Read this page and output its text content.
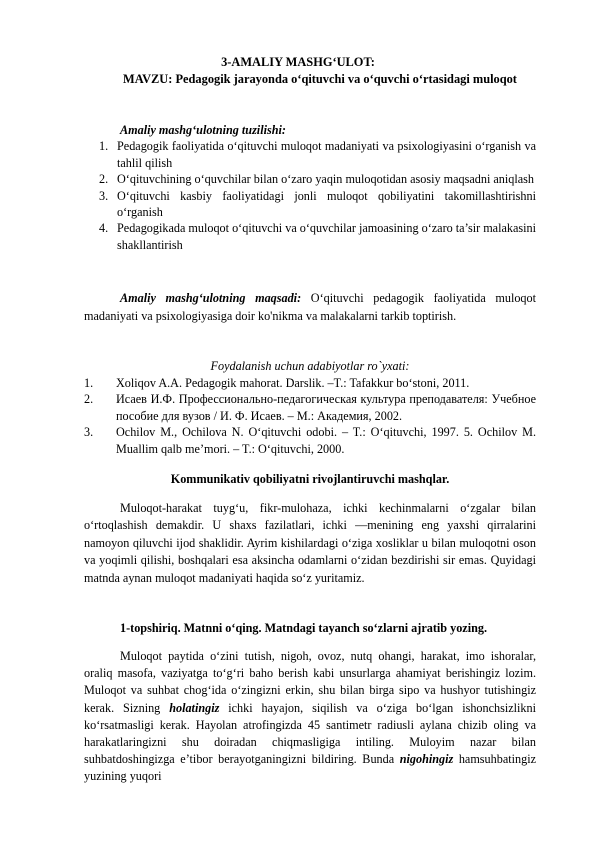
3-AMALIY MASHG‘ULOT:
MAVZU: Pedagogik jarayonda o‘qituvchi va o‘quvchi o‘rtasidagi muloqot

Amaliy mashg‘ulotning tuzilishi:

1. Pedagogik faoliyatida o‘qituvchi muloqot madaniyati va psixologiyasini o‘rganish va tahlil qilish
2. O‘qituvchining o‘quvchilar bilan o‘zaro yaqin muloqotidan asosiy maqsadni aniqlash
3. O‘qituvchi kasbiy faoliyatidagi jonli muloqot qobiliyatini takomillashtirishni o‘rganish
4. Pedagogikada muloqot o‘qituvchi va o‘quvchilar jamoasining o‘zaro ta’sir malakasini shakllantirish

Amaliy mashg‘ulotning maqsadi: O‘qituvchi pedagogik faoliyatida muloqot madaniyati va psixologiyasiga doir ko'nikma va malakalarni tarkib toptirish.

Foydalanish uchun adabiyotlar ro`yxati:
1. Xoliqov A.A. Pedagogik mahorat. Darslik. –T.: Tafakkur bo‘stoni, 2011.
2. Исаев И.Ф. Профессионально-педагогическая культура преподавателя: Учебное пособие для вузов / И. Ф. Исаев. – М.: Академия, 2002.
3. Ochilov M., Ochilova N. O‘qituvchi odobi. – T.: O‘qituvchi, 1997. 5. Ochilov M. Muallim qalb me’mori. – T.: O‘qituvchi, 2000.
Kommunikativ qobiliyatni rivojlantiruvchi mashqlar.

Muloqot-harakat tuyg‘u, fikr-mulohaza, ichki kechinmalarni o‘zgalar bilan o‘rtoqlashish demakdir. U shaxs fazilatlari, ichki ―menining eng yaxshi qirralarini namoyon qiluvchi ijod shaklidir. Ayrim kishilardagi o‘ziga xosliklar u bilan muloqotni oson va yoqimli qilishi, boshqalari esa aksincha odamlarni o‘zidan bezdirishi sir emas. Quyidagi matnda aynan muloqot madaniyati haqida so‘z yuritamiz.

1-topshiriq. Matnni o‘qing. Matndagi tayanch so‘zlarni ajratib yozing.

Muloqot paytida o‘zini tutish, nigoh, ovoz, nutq ohangi, harakat, imo ishoralar, oraliq masofa, vaziyatga to‘g‘ri baho berish kabi unsurlarga ahamiyat berishingiz lozim. Muloqot va suhbat chog‘ida o‘zingizni erkin, shu bilan birga sipo va hushyor tutishingiz kerak. Sizning holatingiz ichki hayajon, siqilish va o‘ziga bo‘lgan ishonchsizlikni ko‘rsatmasligi kerak. Hayolan atrofingizda 45 santimetr radiusli aylana chizib oling va harakatlaringizni shu doiradan chiqmasligiga intiling. Muloyim nazar bilan suhbatdoshingizga e’tibor berayotganingizni bildiring. Bunda nigohingiz hamsuhbatingiz yuzining yuqori
